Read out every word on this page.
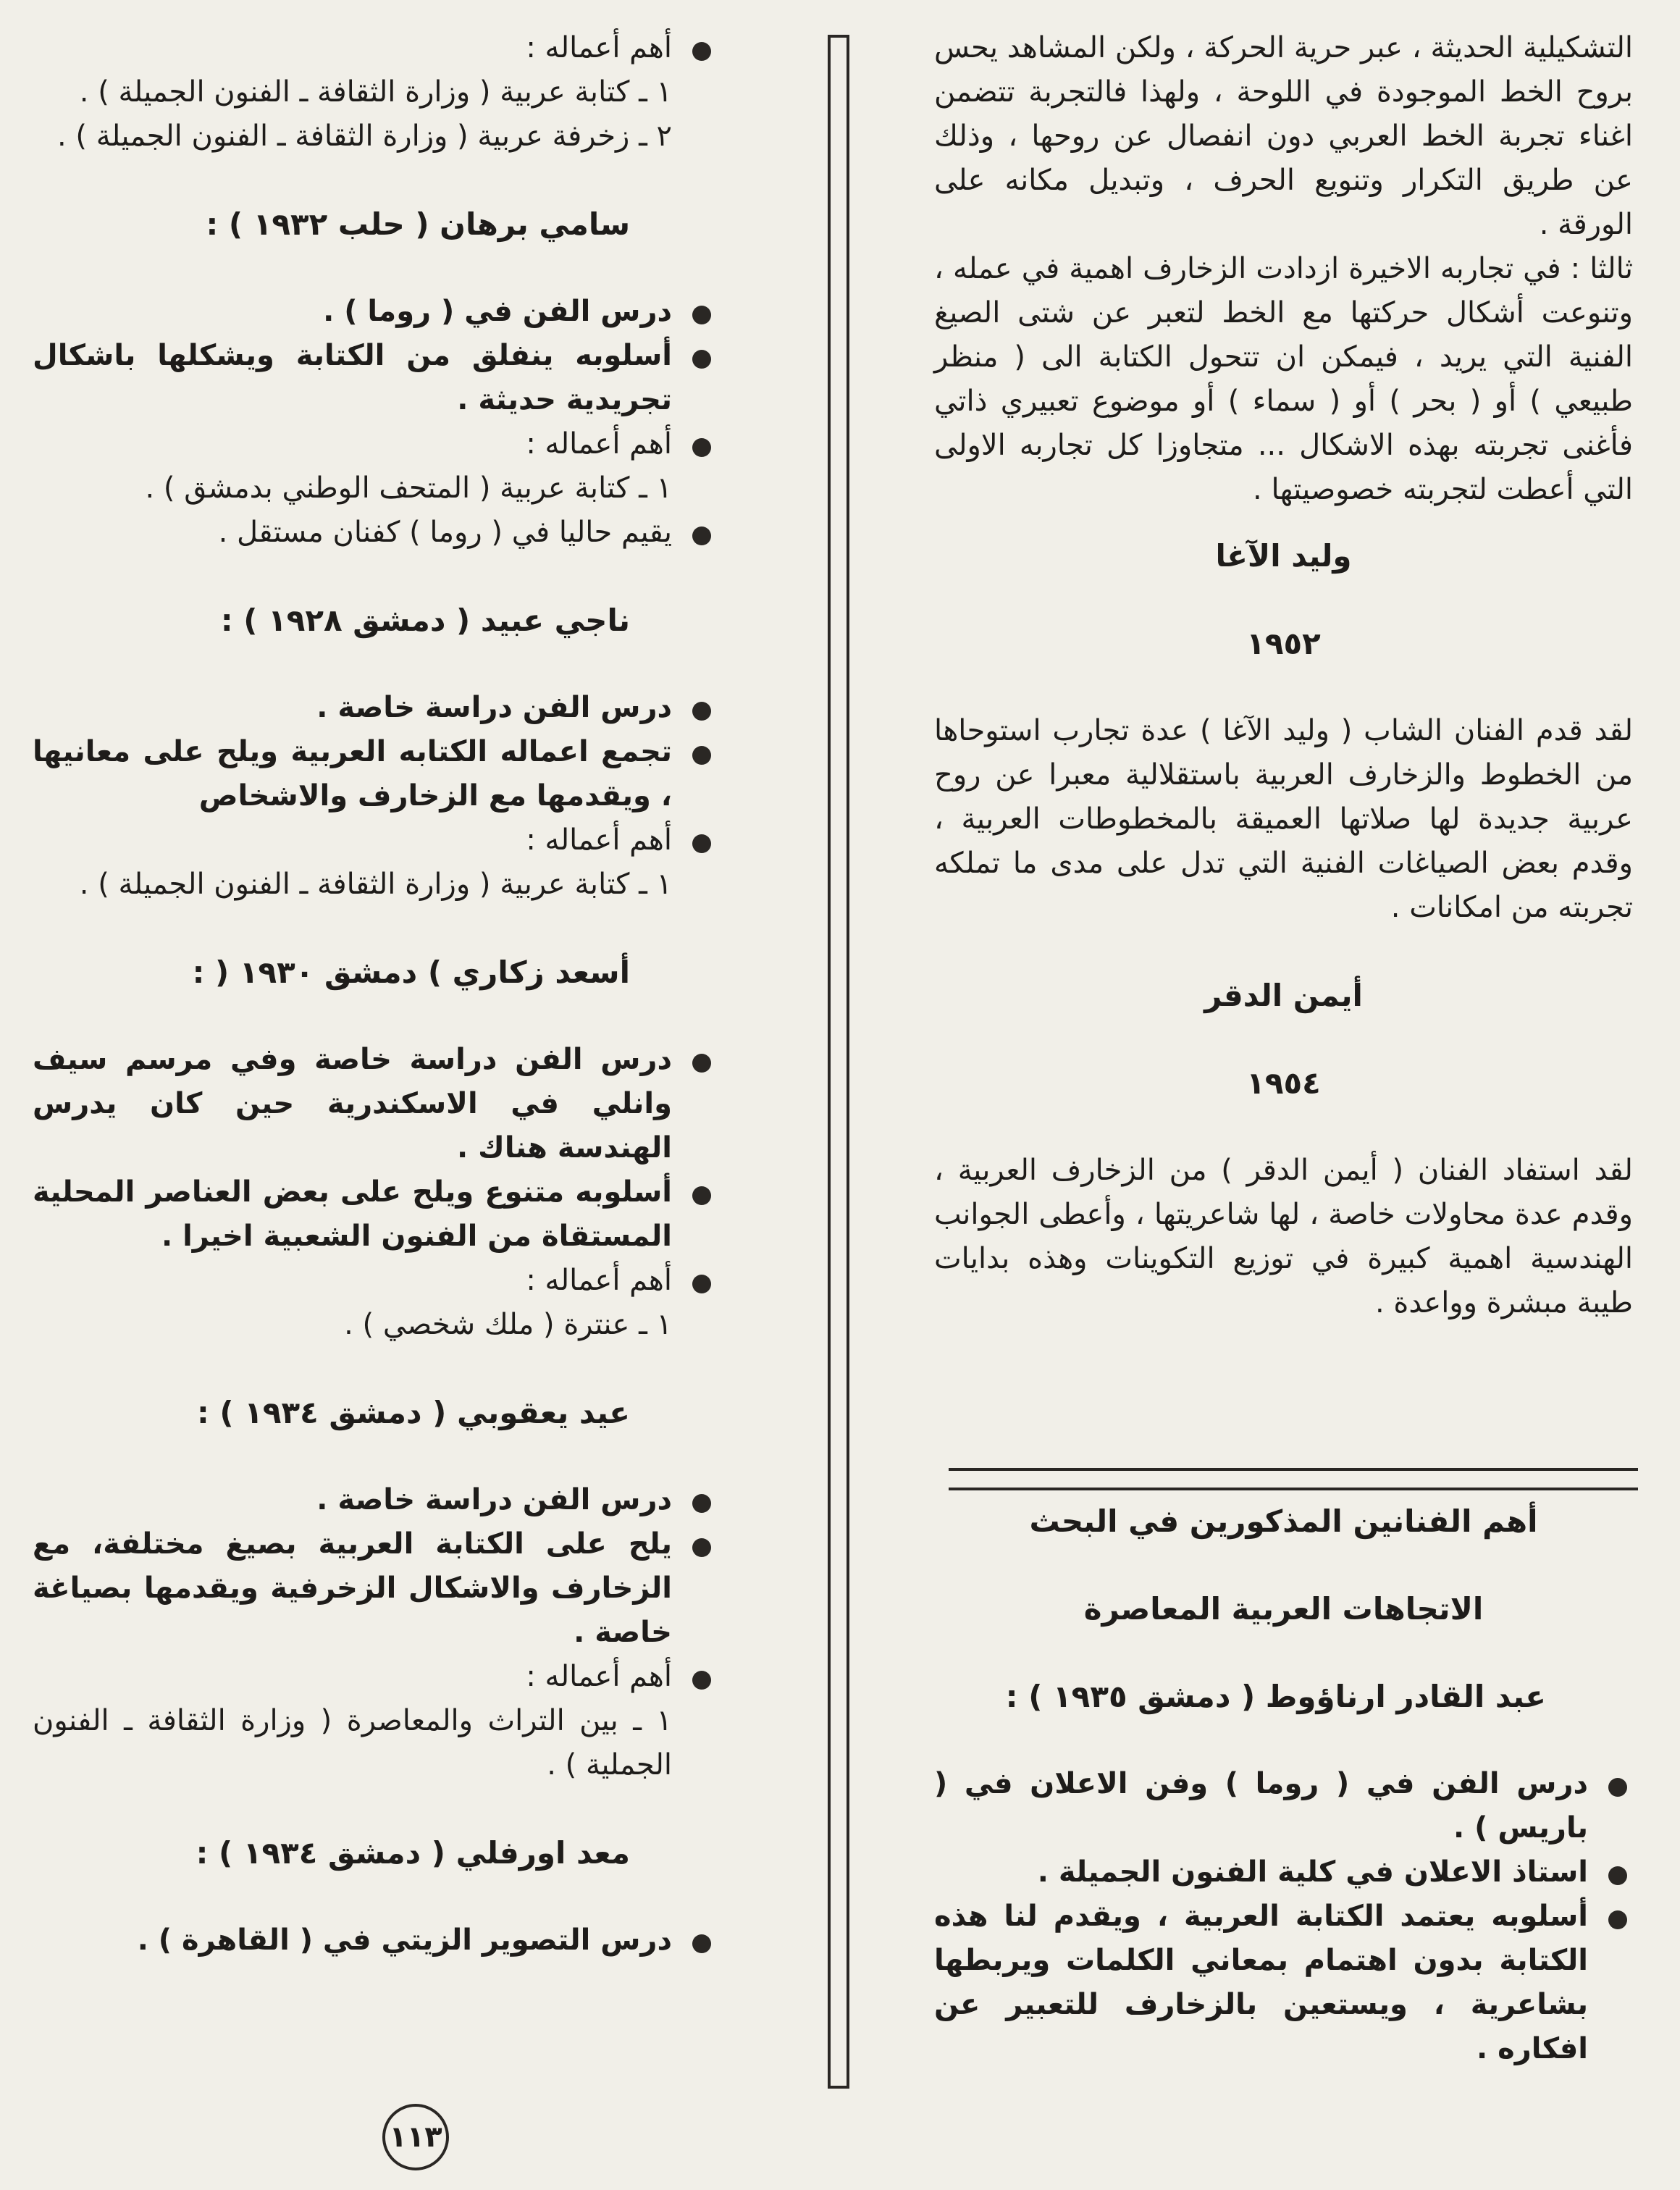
التشكيلية الحديثة ، عبر حرية الحركة ، ولكن المشاهد يحس بروح الخط الموجودة في اللوحة ، ولهذا فالتجربة تتضمن اغناء تجربة الخط العربي دون انفصال عن روحها ، وذلك عن طريق التكرار وتنويع الحرف ، وتبديل مكانه على الورقة .

ثالثا : في تجاربه الاخيرة ازدادت الزخارف اهمية في عمله ، وتنوعت أشكال حركتها مع الخط لتعبر عن شتى الصيغ الفنية التي يريد ، فيمكن ان تتحول الكتابة الى ( منظر طبيعي ) أو ( بحر ) أو ( سماء ) أو موضوع تعبيري ذاتي فأغنى تجربته بهذه الاشكال ... متجاوزا كل تجاربه الاولى التي أعطت لتجربته خصوصيتها .

وليد الآغا

١٩٥٢

لقد قدم الفنان الشاب ( وليد الآغا ) عدة تجارب استوحاها من الخطوط والزخارف العربية باستقلالية معبرا عن روح عربية جديدة لها صلاتها العميقة بالمخطوطات العربية ، وقدم بعض الصياغات الفنية التي تدل على مدى ما تملكه تجربته من امكانات .

أيمن الدقر

١٩٥٤

لقد استفاد الفنان ( أيمن الدقر ) من الزخارف العربية ، وقدم عدة محاولات خاصة ، لها شاعريتها ، وأعطى الجوانب الهندسية اهمية كبيرة في توزيع التكوينات وهذه بدايات طيبة مبشرة وواعدة .

أهم الفنانين المذكورين في البحث

الاتجاهات العربية المعاصرة

عبد القادر ارناؤوط ( دمشق ١٩٣٥ ) :

درس الفن في ( روما ) وفن الاعلان في ( باريس ) .
استاذ الاعلان في كلية الفنون الجميلة .
أسلوبه يعتمد الكتابة العربية ، ويقدم لنا هذه الكتابة بدون اهتمام بمعاني الكلمات ويربطها بشاعرية ، ويستعين بالزخارف للتعبير عن افكاره .
أهم أعماله :

١ ـ كتابة عربية ( وزارة الثقافة ـ الفنون الجميلة ) .

٢ ـ زخرفة عربية ( وزارة الثقافة ـ الفنون الجميلة ) .

سامي برهان ( حلب ١٩٣٢ ) :

درس الفن في ( روما ) .
أسلوبه ينفلق من الكتابة ويشكلها باشكال تجريدية حديثة .
أهم أعماله :

١ ـ كتابة عربية ( المتحف الوطني بدمشق ) .

يقيم حاليا في ( روما ) كفنان مستقل .

ناجي عبيد ( دمشق ١٩٢٨ ) :

درس الفن دراسة خاصة .
تجمع اعماله الكتابه العربية ويلح على معانيها ، ويقدمها مع الزخارف والاشخاص
أهم أعماله :

١ ـ كتابة عربية ( وزارة الثقافة ـ الفنون الجميلة ) .

أسعد زكاري ) دمشق ١٩٣٠ ( :

درس الفن دراسة خاصة وفي مرسم سيف وانلي في الاسكندرية حين كان يدرس الهندسة هناك .
أسلوبه متنوع ويلح على بعض العناصر المحلية المستقاة من الفنون الشعبية اخيرا .
أهم أعماله :

١ ـ عنترة ( ملك شخصي ) .

عيد يعقوبي ( دمشق ١٩٣٤ ) :

درس الفن دراسة خاصة .
يلح على الكتابة العربية بصيغ مختلفة، مع الزخارف والاشكال الزخرفية ويقدمها بصياغة خاصة .
أهم أعماله :

١ ـ بين التراث والمعاصرة ( وزارة الثقافة ـ الفنون الجملية ) .

معد اورفلي ( دمشق ١٩٣٤ ) :

درس التصوير الزيتي في ( القاهرة ) .
١١٣
